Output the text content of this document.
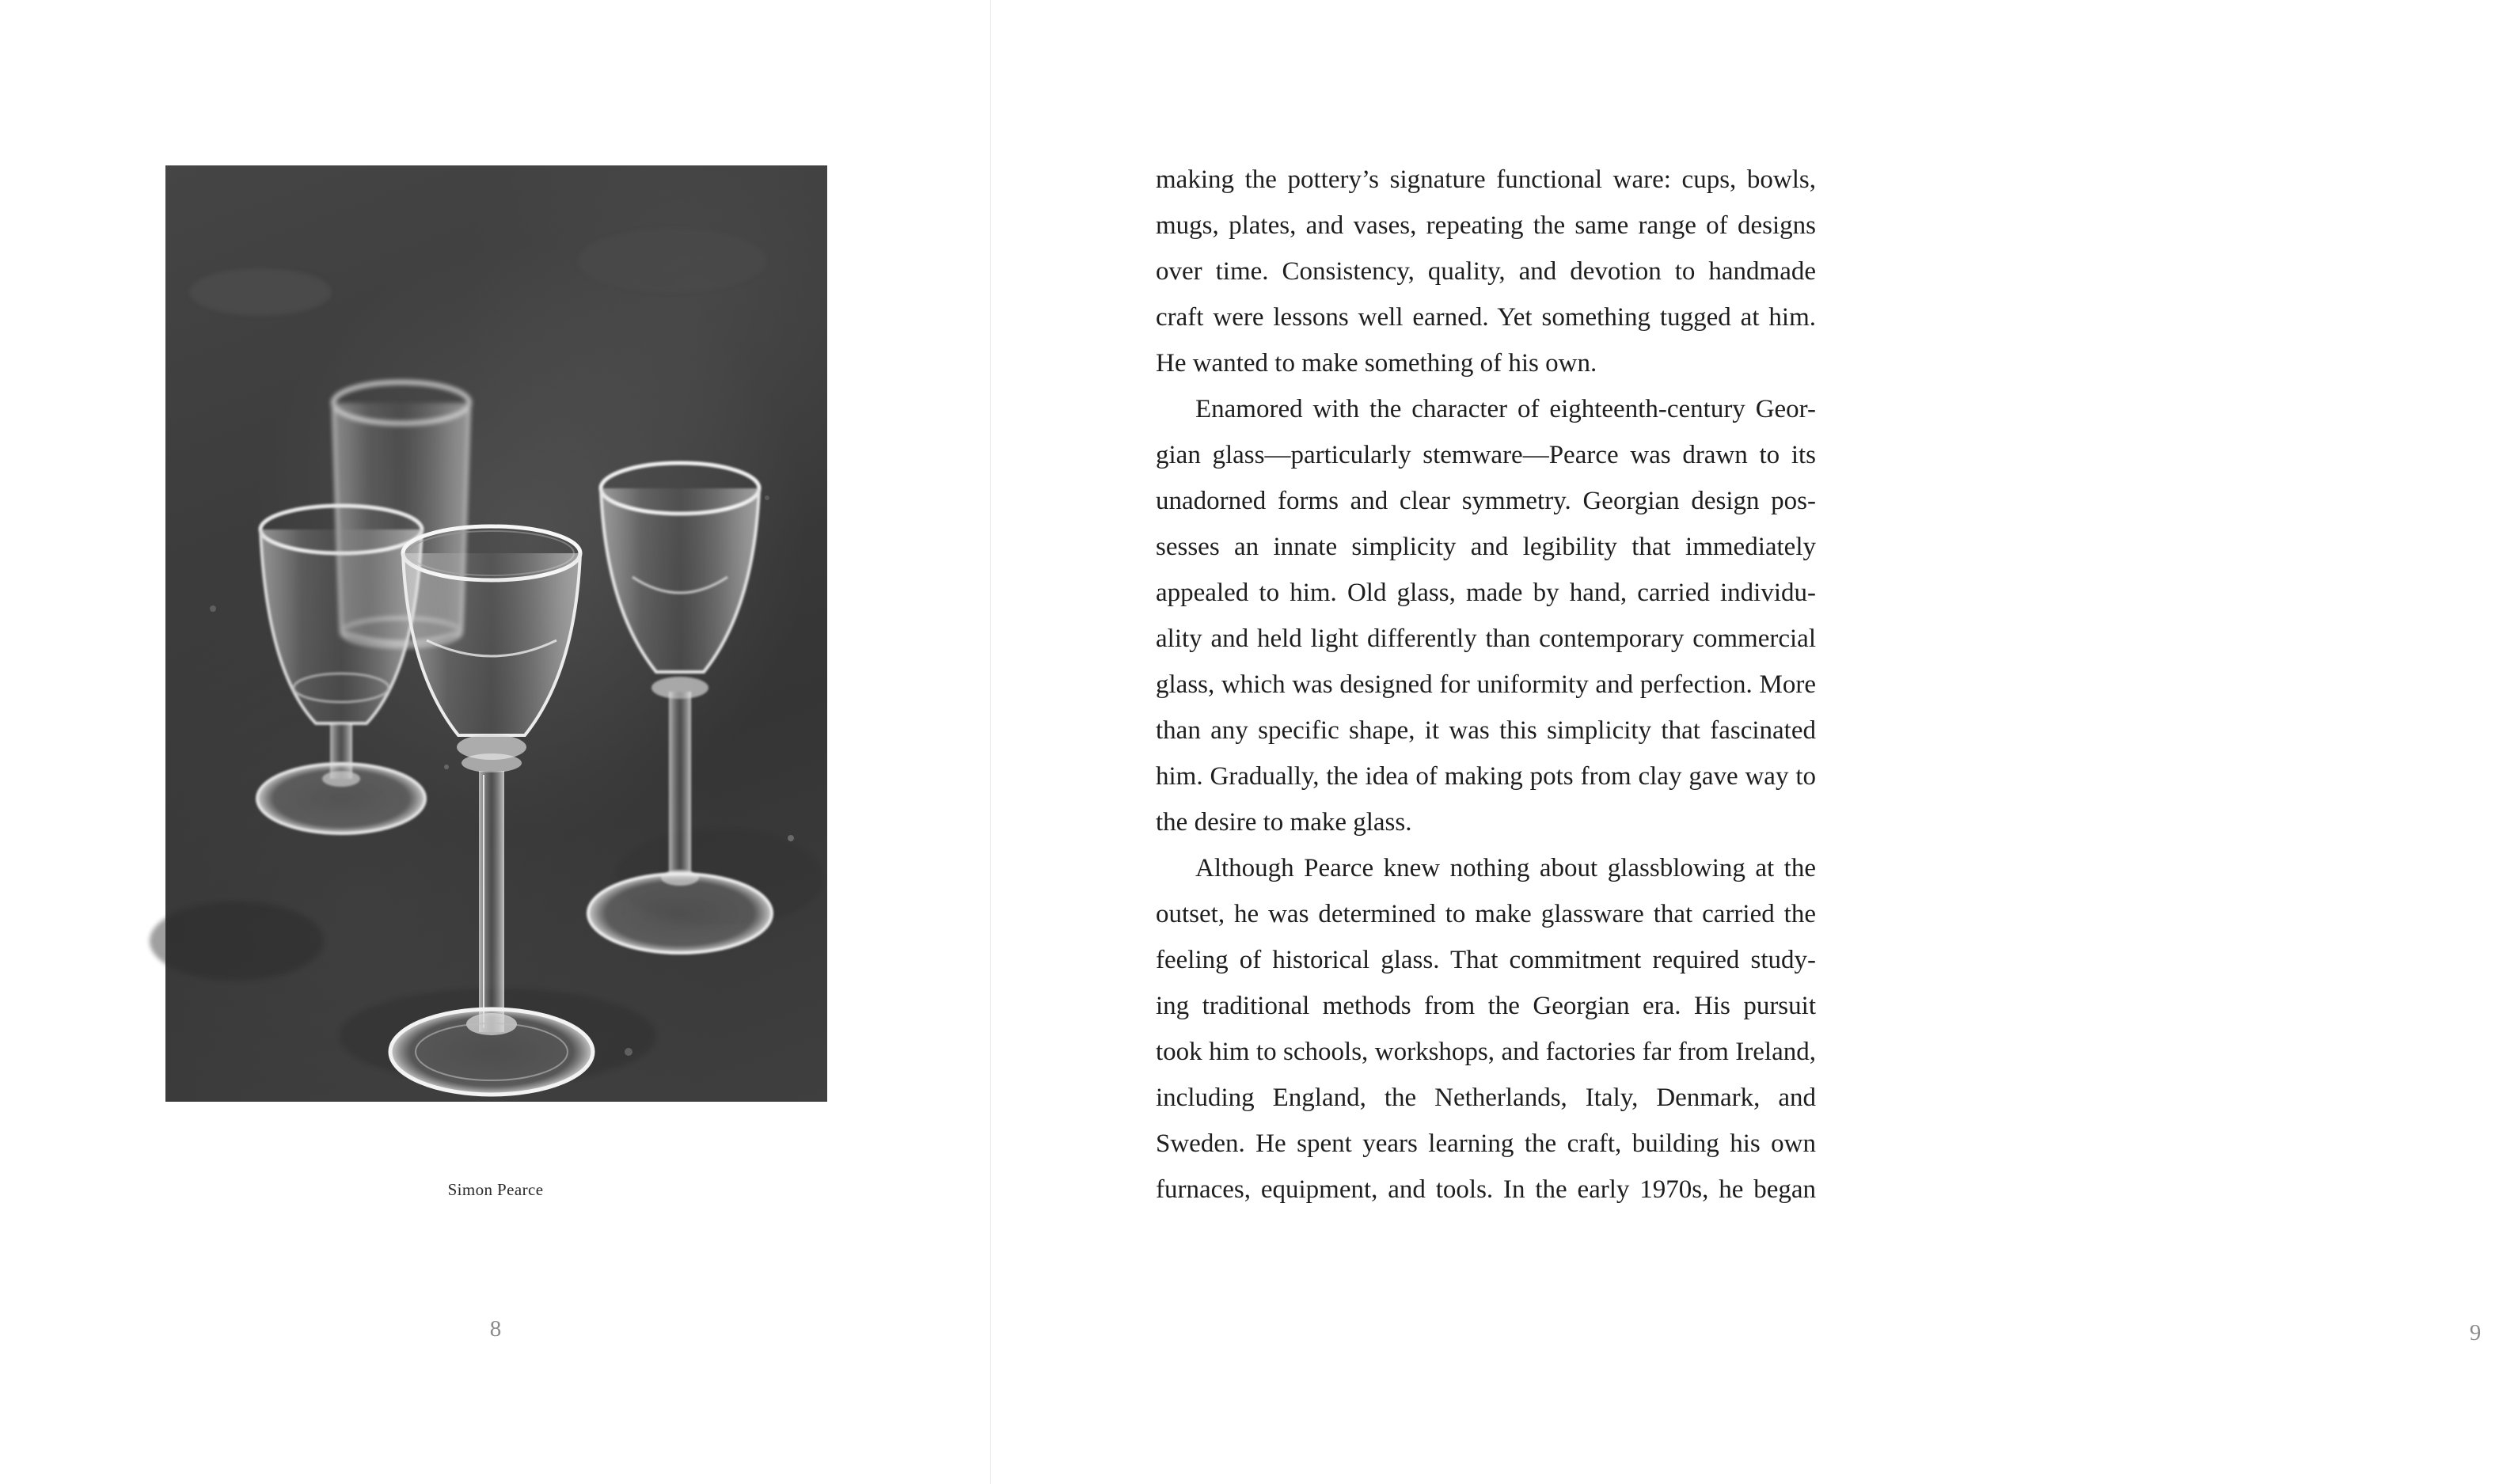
Simon Pearce
8	9
making the pottery’s signature functional ware: cups, bowls,
mugs, plates, and vases, repeating the same range of designs
over time. Consistency, quality, and devotion to handmade
craft were lessons well earned. Yet something tugged at him.
He wanted to make something of his own.
Enamored with the character of eighteenth-century Geor-
gian glass—particularly stemware—Pearce was drawn to its
unadorned forms and clear symmetry. Georgian design pos-
sesses an innate simplicity and legibility that immediately
appealed to him. Old glass, made by hand, carried individu-
ality and held light differently than contemporary commercial
glass, which was designed for uniformity and perfection. More
than any specific shape, it was this simplicity that fascinated
him. Gradually, the idea of making pots from clay gave way to
the desire to make glass.
Although Pearce knew nothing about glassblowing at the
outset, he was determined to make glassware that carried the
feeling of historical glass. That commitment required study-
ing traditional methods from the Georgian era. His pursuit
took him to schools, workshops, and factories far from Ireland,
including England, the Netherlands, Italy, Denmark, and
Sweden. He spent years learning the craft, building his own
furnaces, equipment, and tools. In the early 1970s, he began
